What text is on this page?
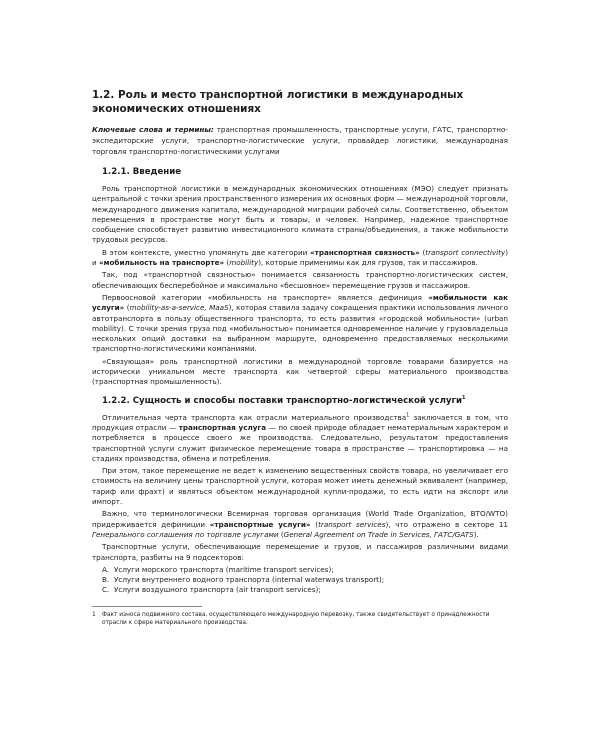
1.2. Роль и место транспортной логистики в международных экономических отношениях

Ключевые слова и термины: транспортная промышленность, транспортные услуги, ГАТС, транспортно-экспедиторские услуги, транспортно-логистические услуги, провайдер логистики, международная торговля транспортно-логистическими услугами

1.2.1. Введение

Роль транспортной логистики в международных экономических отношениях (МЭО) следует признать центральной с точки зрения пространственного измерения их основных форм — международной торговли, международного движения капитала, международной миграции рабочей силы. Соответственно, объектом перемещения в пространстве могут быть и товары, и человек. Например, надежное транспортное сообщение способствует развитию инвестиционного климата страны/объединения, а также мобильности трудовых ресурсов.

В этом контексте, уместно упомянуть две категории «транспортная связность» (transport connectivity) и «мобильность на транспорте» (mobility), которые применимы как для грузов, так и пассажиров.

Так, под «транспортной связностью» понимается связанность транспортно-логистических систем, обеспечивающих бесперебойное и максимально «бесшовное» перемещение грузов и пассажиров.

Первоосновой категории «мобильность на транспорте» является дефиниция «мобильности как услуги» (mobility-as-a-service, MaaS), которая ставила задачу сокращения практики использования личного автотранспорта в пользу общественного транспорта, то есть развития «городской мобильности» (urban mobility). С точки зрения груза под «мобильностью» понимается одновременное наличие у грузовладельца нескольких опций доставки на выбранном маршруте, одновременно предоставляемых несколькими транспортно-логистическими компаниями.

«Связующая» роль транспортной логистики в международной торговле товарами базируется на исторически уникальном месте транспорта как четвертой сферы материального производства (транспортная промышленность).

1.2.2. Сущность и способы поставки транспортно-логистической услуги$^1$

Отличительная черта транспорта как отрасли материального производства$^1$ заключается в том, что продукция отрасли — транспортная услуга — по своей природе обладает нематериальным характером и потребляется в процессе своего же производства. Следовательно, результатом предоставления транспортной услуги служит физическое перемещение товара в пространстве — транспортировка — на стадиях производства, обмена и потребления.

При этом, такое перемещение не ведет к изменению вещественных свойств товара, но увеличивает его стоимость на величину цены транспортной услуги, которая может иметь денежный эквивалент (например, тариф или фрахт) и являться объектом международной купли-продажи, то есть идти на экспорт или импорт.

Важно, что терминологически Всемирная торговая организация (World Trade Organization, ВТО/WTO) придерживается дефиниции «транспортные услуги» (transport services), что отражено в секторе 11 Генерального соглашения по торговле услугами (General Agreement on Trade in Services, ГАТС/GATS).

Транспортные услуги, обеспечивающие перемещение и грузов, и пассажиров различными видами транспорта, разбиты на 9 подсекторов:

A. Услуги морского транспорта (maritime transport services);
B. Услуги внутреннего водного транспорта (internal waterways transport);
C. Услуги воздушного транспорта (air transport services);

1 Факт износа подвижного состава, осуществляющего международную перевозку, также свидетельствует о принадлежности отрасли к сфере материального производства.
